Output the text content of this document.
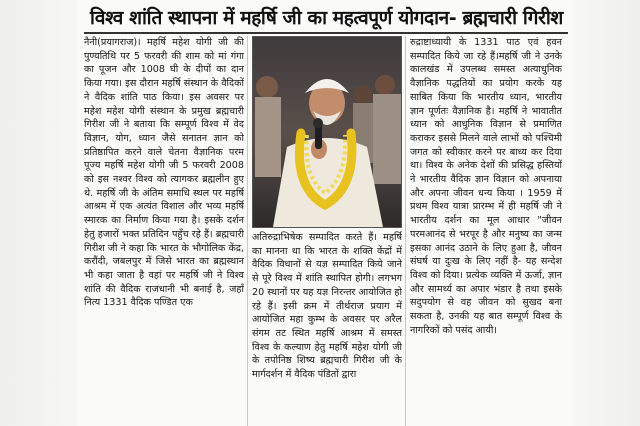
विश्व शांति स्थापना में महर्षि जी का महत्वपूर्ण योगदान- ब्रह्मचारी गिरीश

नैनी(प्रयागराज)। महर्षि महेश योगी जी की पुण्यतिथि पर 5 फरवरी की शाम को मां गंगा का पूजन और 1008 घी के दीपों का दान किया गया। इस दौरान महर्षि संस्थान के वैदिकों ने वैदिक शांति पाठ किया। इस अवसर पर महेश महेश योगी संस्थान के प्रमुख ब्रह्मचारी गिरीश जी ने बताया कि सम्पूर्ण विश्व में वेद विज्ञान, योग, ध्यान जैसे सनातन ज्ञान को प्रतिष्ठापित करने वाले चेतना वैज्ञानिक परम पूज्य महर्षि महेश योगी जी 5 फरवरी 2008 को इस नश्वर विश्व को त्यागकर ब्रह्मलीन हुए थे. महर्षि जी के अंतिम समाधि स्थल पर महर्षि आश्रम में एक अत्यंत विशाल और भव्य महर्षि स्मारक का निर्माण किया गया है। इसके दर्शन हेतु हजारों भक्त प्रतिदिन पहुँच रहे हैं। ब्रह्मचारी गिरीश जी ने कहा कि भारत के भौगोलिक केंद्र, करौंदी, जबलपुर में जिसे भारत का ब्रह्मस्थान भी कहा जाता है वहां पर महर्षि जी ने विश्व शांति की वैदिक राजधानी भी बनाई है, जहाँ नित्य 1331 वैदिक पण्डित एक

अतिरुद्राभिषेक सम्पादित करते हैं। महर्षि का मानना था कि भारत के शक्ति केंद्रों में वैदिक विधानों से यज्ञ सम्पादित किये जाने से पूरे विश्व में शांति स्थापित होगी। लगभग 20 स्थानों पर यह यज्ञ निरन्तर आयोजित हो रहे हैं। इसी क्रम में तीर्थराज प्रयाग में आयोजित महा कुम्भ के अवसर पर अरैल संगम तट स्थित महर्षि आश्रम में समस्त विश्व के कल्याण हेतु महर्षि महेश योगी जी के तपोनिष्ठ शिष्य ब्रह्मचारी गिरीश जी के मार्गदर्शन में वैदिक पंडितों द्वारा

रुद्राष्टाध्यायी के 1331 पाठ एवं हवन सम्पादित किये जा रहे हैं।महर्षि जी ने उनके कालखंड में उपलब्ध समस्त अत्याधुनिक वैज्ञानिक पद्धतियों का प्रयोग करके यह साबित किया कि भारतीय ध्यान, भारतीय ज्ञान पूर्णतः वैज्ञानिक है। महर्षि ने भावातीत ध्यान को आधुनिक विज्ञान से प्रमाणित कराकर इससे मिलने वाले लाभों को पश्चिमी जगत को स्वीकार करने पर बाध्य कर दिया था। विश्व के अनेक देशों की प्रसिद्ध हस्तियों ने भारतीय वैदिक ज्ञान विज्ञान को अपनाया और अपना जीवन धन्य किया । 1959 में प्रथम विश्व यात्रा प्रारम्भ में ही महर्षि जी ने भारतीय दर्शन का मूल आधार "जीवन परमआनंद से भरपूर है और मनुष्य का जन्म इसका आनंद उठाने के लिए हुआ है, जीवन संघर्ष या दुःख के लिए नहीं है- यह सन्देश विश्व को दिया। प्रत्येक व्यक्ति में ऊर्जा, ज्ञान और सामर्थ्य का अपार भंडार है तथा इसके सदुपयोग से वह जीवन को सुखद बना सकता है, उनकी यह बात सम्पूर्ण विश्व के नागरिकों को पसंद आयी।
